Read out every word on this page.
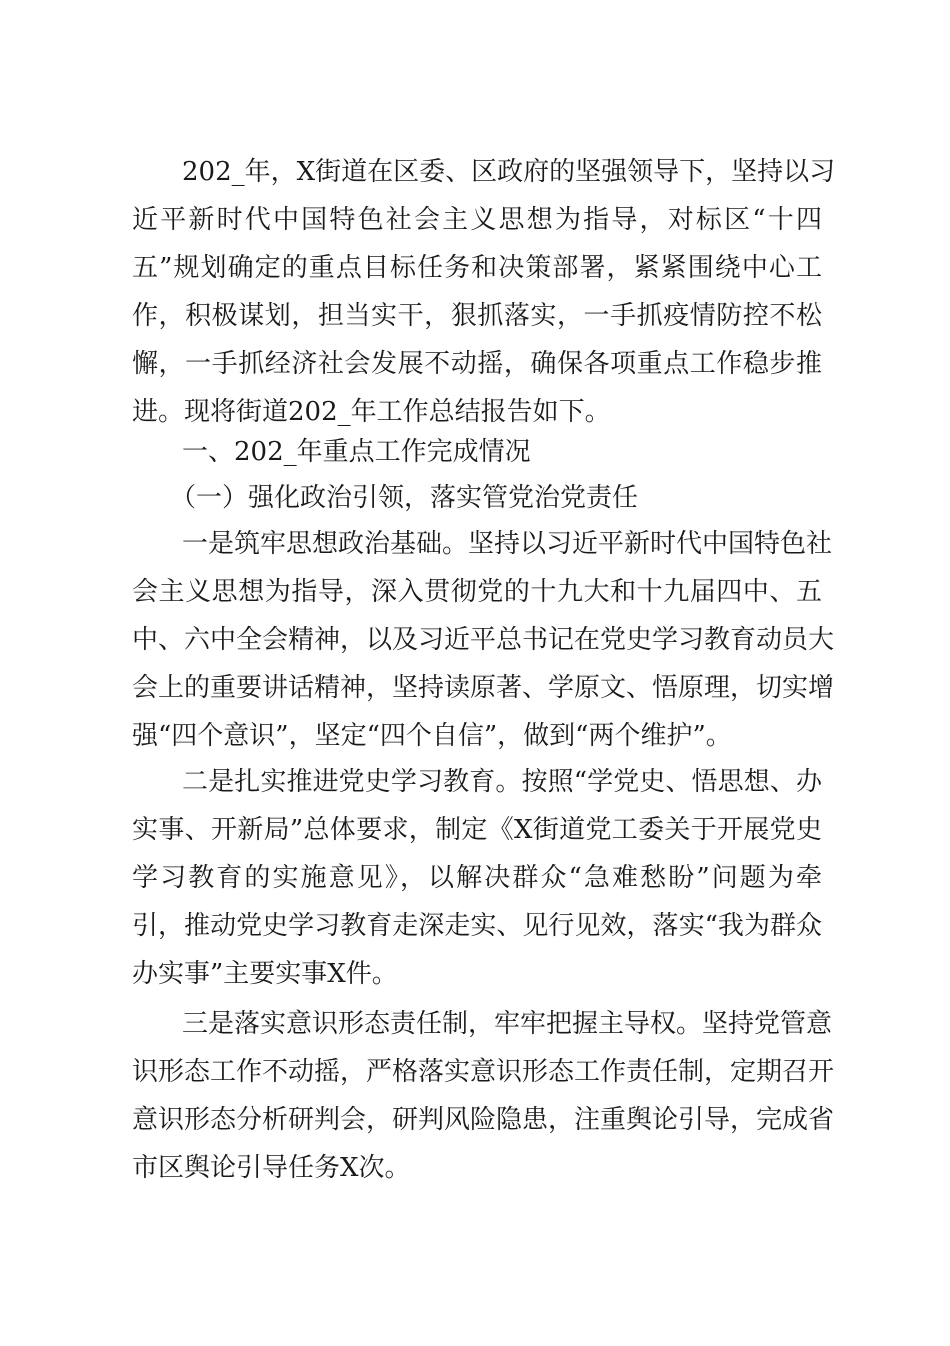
202_年，X街道在区委、区政府的坚强领导下，坚持以习
近平新时代中国特色社会主义思想为指导，对标区“十四
五”规划确定的重点目标任务和决策部署，紧紧围绕中心工
作，积极谋划，担当实干，狠抓落实，一手抓疫情防控不松
懈，一手抓经济社会发展不动摇，确保各项重点工作稳步推
进。现将街道202_年工作总结报告如下。
一、202_年重点工作完成情况
（一）强化政治引领，落实管党治党责任
一是筑牢思想政治基础。坚持以习近平新时代中国特色社
会主义思想为指导，深入贯彻党的十九大和十九届四中、五
中、六中全会精神，以及习近平总书记在党史学习教育动员大
会上的重要讲话精神，坚持读原著、学原文、悟原理，切实增
强“四个意识”，坚定“四个自信”，做到“两个维护”。
二是扎实推进党史学习教育。按照“学党史、悟思想、办
实事、开新局”总体要求，制定《X街道党工委关于开展党史
学习教育的实施意见》，以解决群众“急难愁盼”问题为牵
引，推动党史学习教育走深走实、见行见效，落实“我为群众
办实事”主要实事X件。
三是落实意识形态责任制，牢牢把握主导权。坚持党管意
识形态工作不动摇，严格落实意识形态工作责任制，定期召开
意识形态分析研判会，研判风险隐患，注重舆论引导，完成省
市区舆论引导任务X次。
